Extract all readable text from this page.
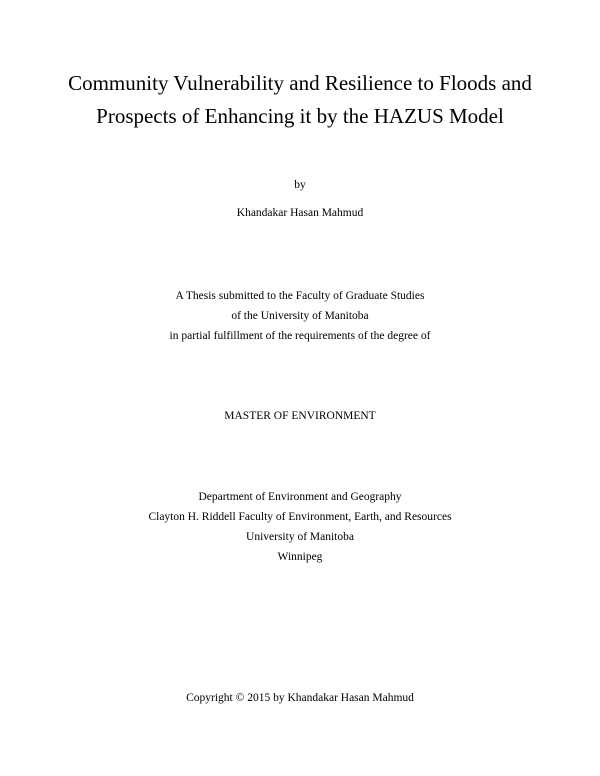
Community Vulnerability and Resilience to Floods and
Prospects of Enhancing it by the HAZUS Model
by
Khandakar Hasan Mahmud
A Thesis submitted to the Faculty of Graduate Studies
of the University of Manitoba
in partial fulfillment of the requirements of the degree of
MASTER OF ENVIRONMENT
Department of Environment and Geography
Clayton H. Riddell Faculty of Environment, Earth, and Resources
University of Manitoba
Winnipeg
Copyright © 2015 by Khandakar Hasan Mahmud
